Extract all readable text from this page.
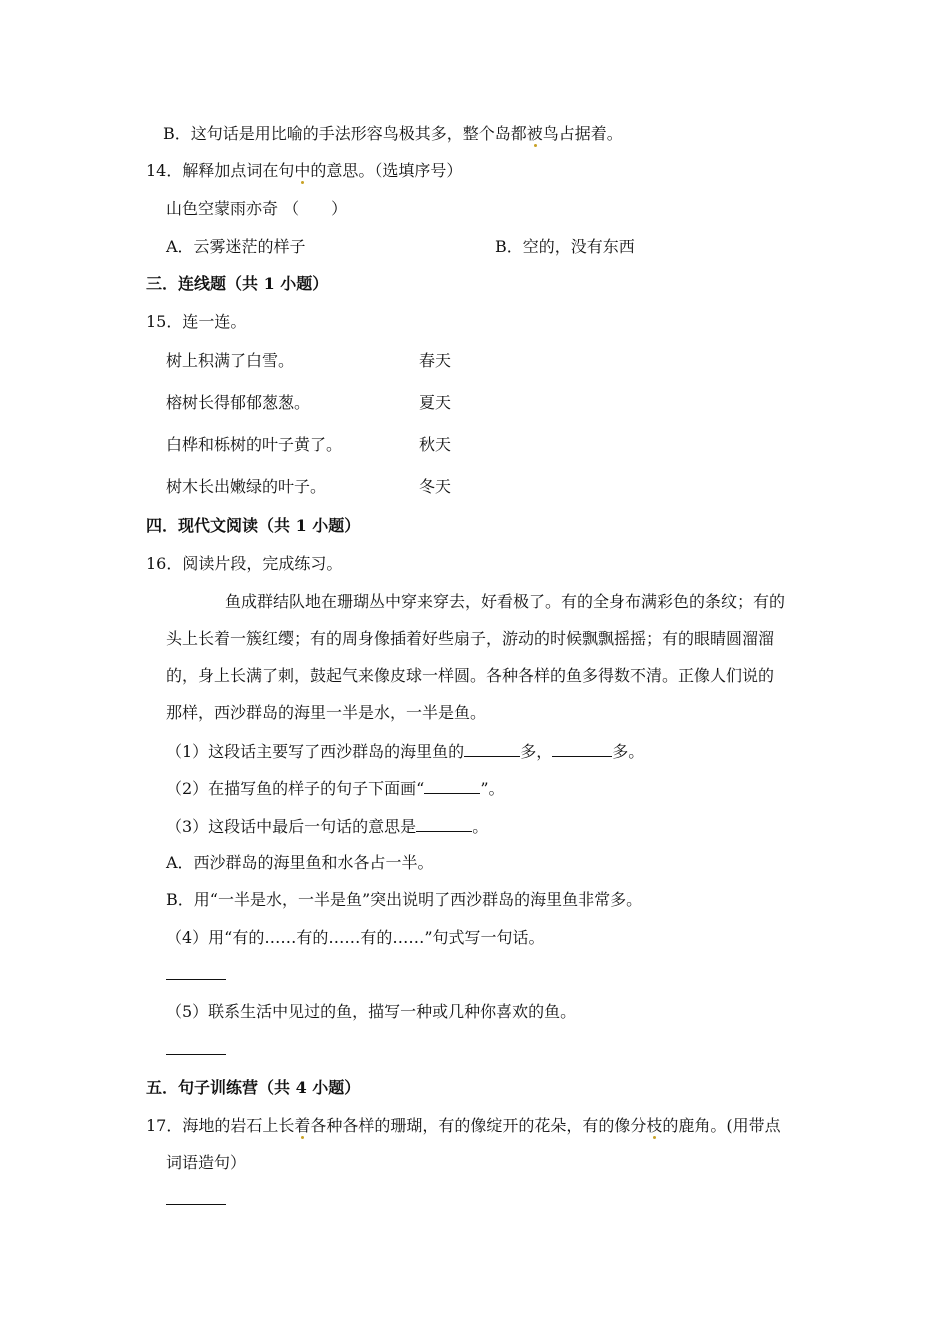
B．这句话是用比喻的手法形容鸟极其多，整个岛都被鸟占据着。
14．解释加点词在句中的意思。（选填序号）
山色空蒙雨亦奇 （　　）
A．云雾迷茫的样子	B．空的，没有东西
三．连线题（共 1 小题）
15．连一连。
树上积满了白雪。	春天
榕树长得郁郁葱葱。	夏天
白桦和栎树的叶子黄了。	秋天
树木长出嫩绿的叶子。	冬天
四．现代文阅读（共 1 小题）
16．阅读片段，完成练习。
鱼成群结队地在珊瑚丛中穿来穿去，好看极了。有的全身布满彩色的条纹；有的
头上长着一簇红缨；有的周身像插着好些扇子，游动的时候飘飘摇摇；有的眼睛圆溜溜
的，身上长满了刺，鼓起气来像皮球一样圆。各种各样的鱼多得数不清。正像人们说的
那样，西沙群岛的海里一半是水，一半是鱼。
（1）这段话主要写了西沙群岛的海里鱼的	多，	多。
（2）在描写鱼的样子的句子下面画“	”。
（3）这段话中最后一句话的意思是	。
A．西沙群岛的海里鱼和水各占一半。
B．用“一半是水，一半是鱼”突出说明了西沙群岛的海里鱼非常多。
（4）用“有的……有的……有的……”句式写一句话。
（5）联系生活中见过的鱼，描写一种或几种你喜欢的鱼。
五．句子训练营（共 4 小题）
17．海地的岩石上长着各种各样的珊瑚，有的像绽开的花朵，有的像分枝的鹿角。(用带点
词语造句）
